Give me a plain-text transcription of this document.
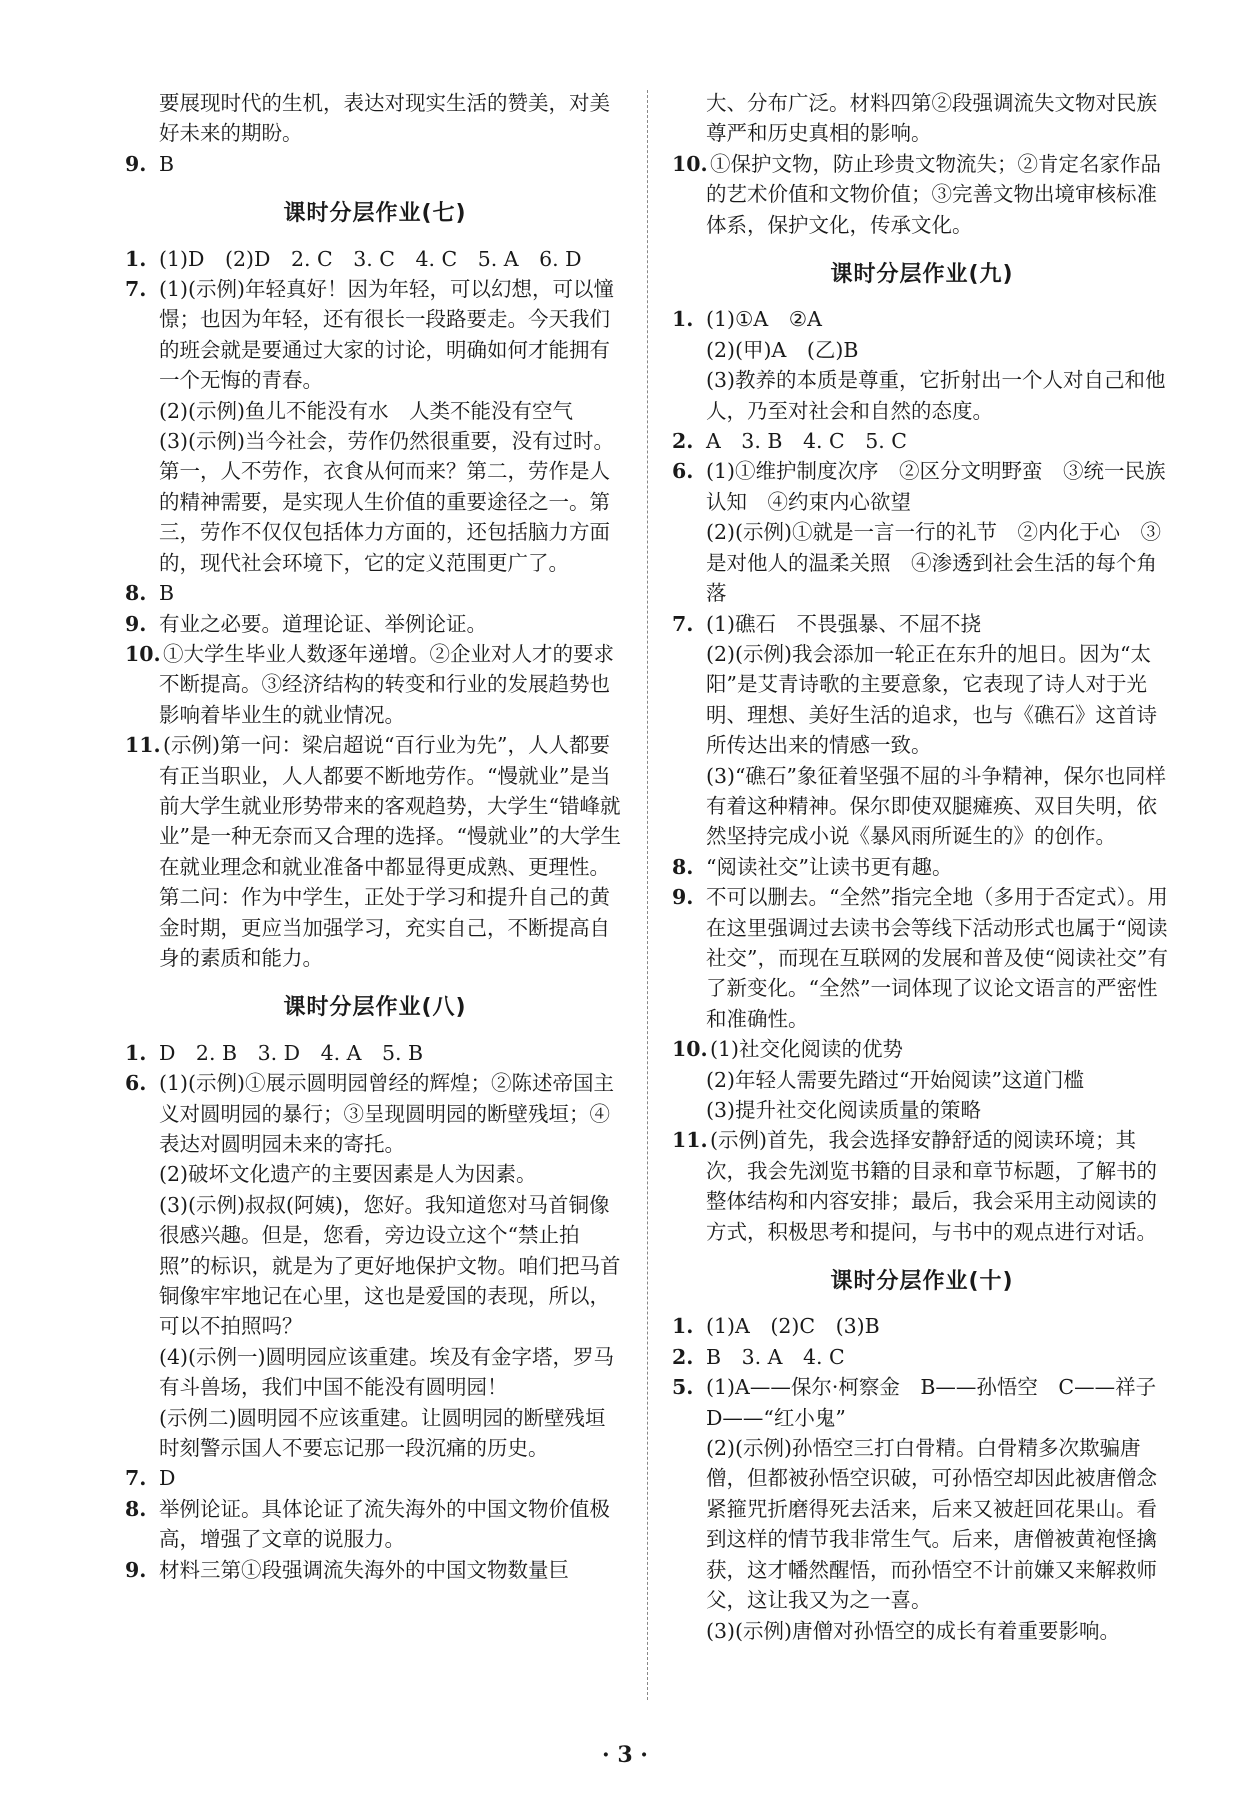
要展现时代的生机，表达对现实生活的赞美，对美好未来的期盼。

9. B

课时分层作业(七)

1. (1)D　(2)D　2. C　3. C　4. C　5. A　6. D

7. (1)(示例)年轻真好！因为年轻，可以幻想，可以憧憬；也因为年轻，还有很长一段路要走。今天我们的班会就是要通过大家的讨论，明确如何才能拥有一个无悔的青春。

(2)(示例)鱼儿不能没有水　人类不能没有空气

(3)(示例)当今社会，劳作仍然很重要，没有过时。第一，人不劳作，衣食从何而来？第二，劳作是人的精神需要，是实现人生价值的重要途径之一。第三，劳作不仅仅包括体力方面的，还包括脑力方面的，现代社会环境下，它的定义范围更广了。

8. B

9. 有业之必要。道理论证、举例论证。

10. ①大学生毕业人数逐年递增。②企业对人才的要求不断提高。③经济结构的转变和行业的发展趋势也影响着毕业生的就业情况。

11. (示例)第一问：梁启超说“百行业为先”，人人都要有正当职业，人人都要不断地劳作。“慢就业”是当前大学生就业形势带来的客观趋势，大学生“错峰就业”是一种无奈而又合理的选择。“慢就业”的大学生在就业理念和就业准备中都显得更成熟、更理性。第二问：作为中学生，正处于学习和提升自己的黄金时期，更应当加强学习，充实自己，不断提高自身的素质和能力。

课时分层作业(八)

1. D　2. B　3. D　4. A　5. B

6. (1)(示例)①展示圆明园曾经的辉煌；②陈述帝国主义对圆明园的暴行；③呈现圆明园的断壁残垣；④表达对圆明园未来的寄托。

(2)破坏文化遗产的主要因素是人为因素。

(3)(示例)叔叔(阿姨)，您好。我知道您对马首铜像很感兴趣。但是，您看，旁边设立这个“禁止拍照”的标识，就是为了更好地保护文物。咱们把马首铜像牢牢地记在心里，这也是爱国的表现，所以，可以不拍照吗？

(4)(示例一)圆明园应该重建。埃及有金字塔，罗马有斗兽场，我们中国不能没有圆明园！

(示例二)圆明园不应该重建。让圆明园的断壁残垣时刻警示国人不要忘记那一段沉痛的历史。

7. D

8. 举例论证。具体论证了流失海外的中国文物价值极高，增强了文章的说服力。

9. 材料三第①段强调流失海外的中国文物数量巨

大、分布广泛。材料四第②段强调流失文物对民族尊严和历史真相的影响。

10. ①保护文物，防止珍贵文物流失；②肯定名家作品的艺术价值和文物价值；③完善文物出境审核标准体系，保护文化，传承文化。

课时分层作业(九)

1. (1)①A　②A

(2)(甲)A　(乙)B

(3)教养的本质是尊重，它折射出一个人对自己和他人，乃至对社会和自然的态度。

2. A　3. B　4. C　5. C

6. (1)①维护制度次序　②区分文明野蛮　③统一民族认知　④约束内心欲望

(2)(示例)①就是一言一行的礼节　②内化于心　③是对他人的温柔关照　④渗透到社会生活的每个角落

7. (1)礁石　不畏强暴、不屈不挠

(2)(示例)我会添加一轮正在东升的旭日。因为“太阳”是艾青诗歌的主要意象，它表现了诗人对于光明、理想、美好生活的追求，也与《礁石》这首诗所传达出来的情感一致。

(3)“礁石”象征着坚强不屈的斗争精神，保尔也同样有着这种精神。保尔即使双腿瘫痪、双目失明，依然坚持完成小说《暴风雨所诞生的》的创作。

8. “阅读社交”让读书更有趣。

9. 不可以删去。“全然”指完全地（多用于否定式）。用在这里强调过去读书会等线下活动形式也属于“阅读社交”，而现在互联网的发展和普及使“阅读社交”有了新变化。“全然”一词体现了议论文语言的严密性和准确性。

10. (1)社交化阅读的优势

(2)年轻人需要先踏过“开始阅读”这道门槛

(3)提升社交化阅读质量的策略

11. (示例)首先，我会选择安静舒适的阅读环境；其次，我会先浏览书籍的目录和章节标题，了解书的整体结构和内容安排；最后，我会采用主动阅读的方式，积极思考和提问，与书中的观点进行对话。

课时分层作业(十)

1. (1)A　(2)C　(3)B

2. B　3. A　4. C

5. (1)A——保尔·柯察金　B——孙悟空　C——祥子　D——“红小鬼”

(2)(示例)孙悟空三打白骨精。白骨精多次欺骗唐僧，但都被孙悟空识破，可孙悟空却因此被唐僧念紧箍咒折磨得死去活来，后来又被赶回花果山。看到这样的情节我非常生气。后来，唐僧被黄袍怪擒获，这才幡然醒悟，而孙悟空不计前嫌又来解救师父，这让我又为之一喜。

(3)(示例)唐僧对孙悟空的成长有着重要影响。

· 3 ·
